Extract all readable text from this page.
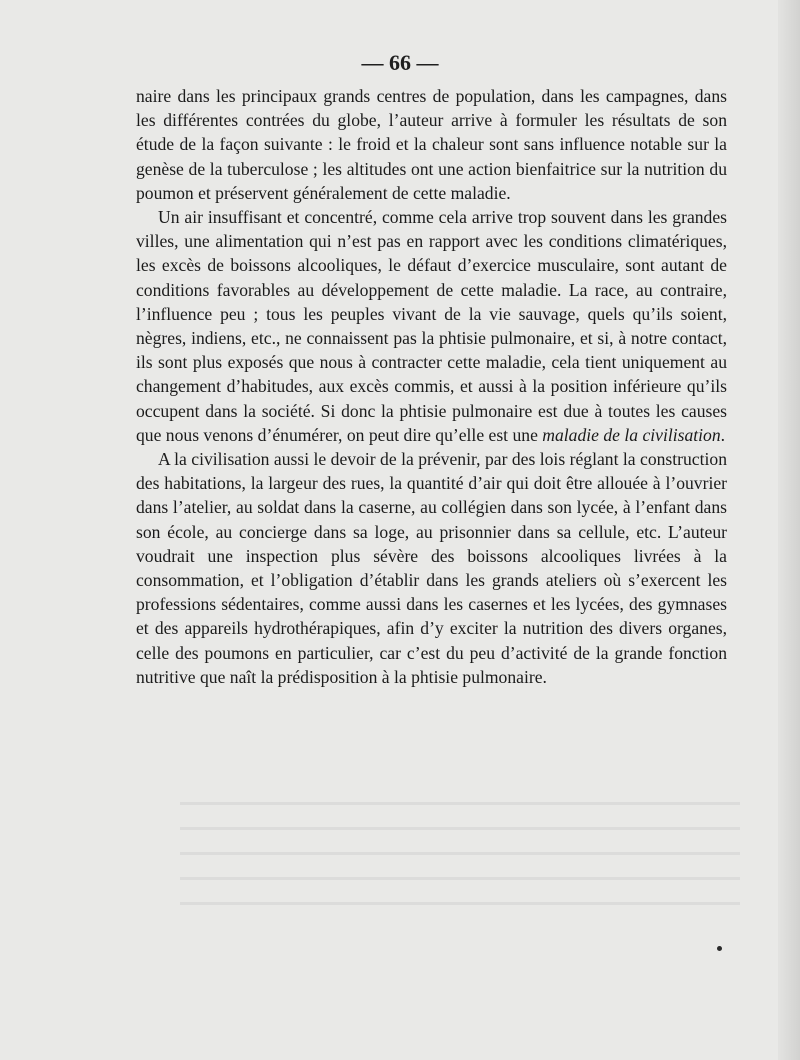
— 66 —

naire dans les principaux grands centres de population, dans les campagnes, dans les différentes contrées du globe, l’auteur arrive à formuler les résultats de son étude de la façon suivante : le froid et la chaleur sont sans influence notable sur la genèse de la tuberculose ; les altitudes ont une action bienfaitrice sur la nutrition du poumon et préservent généralement de cette maladie.

Un air insuffisant et concentré, comme cela arrive trop souvent dans les grandes villes, une alimentation qui n’est pas en rapport avec les conditions climatériques, les excès de boissons alcooliques, le défaut d’exercice musculaire, sont autant de conditions favorables au développement de cette maladie. La race, au contraire, l’influence peu ; tous les peuples vivant de la vie sauvage, quels qu’ils soient, nègres, indiens, etc., ne connaissent pas la phtisie pulmonaire, et si, à notre contact, ils sont plus exposés que nous à contracter cette maladie, cela tient uniquement au changement d’habitudes, aux excès commis, et aussi à la position inférieure qu’ils occupent dans la société. Si donc la phtisie pulmonaire est due à toutes les causes que nous venons d’énumérer, on peut dire qu’elle est une maladie de la civilisation.

A la civilisation aussi le devoir de la prévenir, par des lois réglant la construction des habitations, la largeur des rues, la quantité d’air qui doit être allouée à l’ouvrier dans l’atelier, au soldat dans la caserne, au collégien dans son lycée, à l’enfant dans son école, au concierge dans sa loge, au prisonnier dans sa cellule, etc. L’auteur voudrait une inspection plus sévère des boissons alcooliques livrées à la consommation, et l’obligation d’établir dans les grands ateliers où s’exercent les professions sédentaires, comme aussi dans les casernes et les lycées, des gymnases et des appareils hydrothérapiques, afin d’y exciter la nutrition des divers organes, celle des poumons en particulier, car c’est du peu d’activité de la grande fonction nutritive que naît la prédisposition à la phtisie pulmonaire.
